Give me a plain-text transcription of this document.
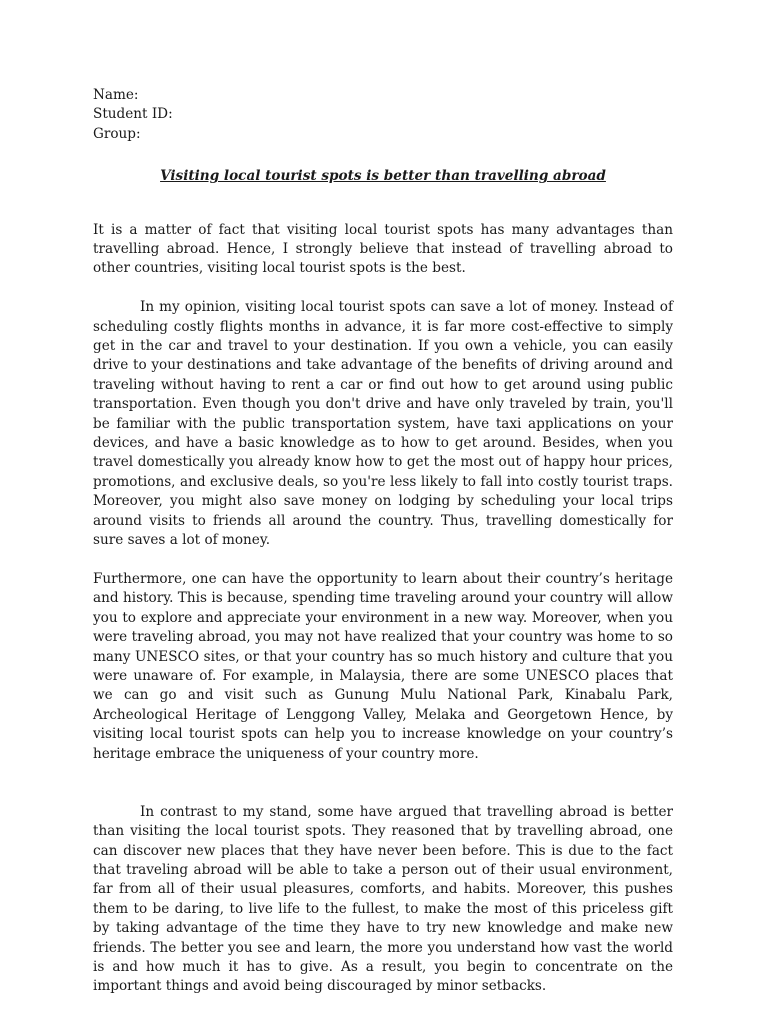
Name:

Student ID:

Group:

Visiting local tourist spots is better than travelling abroad

It is a matter of fact that visiting local tourist spots has many advantages than travelling abroad. Hence, I strongly believe that instead of travelling abroad to other countries, visiting local tourist spots is the best.

In my opinion, visiting local tourist spots can save a lot of money. Instead of scheduling costly flights months in advance, it is far more cost-effective to simply get in the car and travel to your destination. If you own a vehicle, you can easily drive to your destinations and take advantage of the benefits of driving around and traveling without having to rent a car or find out how to get around using public transportation. Even though you don't drive and have only traveled by train, you'll be familiar with the public transportation system, have taxi applications on your devices, and have a basic knowledge as to how to get around. Besides, when you travel domestically you already know how to get the most out of happy hour prices, promotions, and exclusive deals, so you're less likely to fall into costly tourist traps. Moreover, you might also save money on lodging by scheduling your local trips around visits to friends all around the country. Thus, travelling domestically for sure saves a lot of money.

Furthermore, one can have the opportunity to learn about their country’s heritage and history. This is because, spending time traveling around your country will allow you to explore and appreciate your environment in a new way. Moreover, when you were traveling abroad, you may not have realized that your country was home to so many UNESCO sites, or that your country has so much history and culture that you were unaware of. For example, in Malaysia, there are some UNESCO places that we can go and visit such as Gunung Mulu National Park, Kinabalu Park, Archeological Heritage of Lenggong Valley, Melaka and Georgetown Hence, by visiting local tourist spots can help you to increase knowledge on your country’s heritage embrace the uniqueness of your country more.

In contrast to my stand, some have argued that travelling abroad is better than visiting the local tourist spots. They reasoned that by travelling abroad, one can discover new places that they have never been before. This is due to the fact that traveling abroad will be able to take a person out of their usual environment, far from all of their usual pleasures, comforts, and habits. Moreover, this pushes them to be daring, to live life to the fullest, to make the most of this priceless gift by taking advantage of the time they have to try new knowledge and make new friends. The better you see and learn, the more you understand how vast the world is and how much it has to give. As a result, you begin to concentrate on the important things and avoid being discouraged by minor setbacks.
